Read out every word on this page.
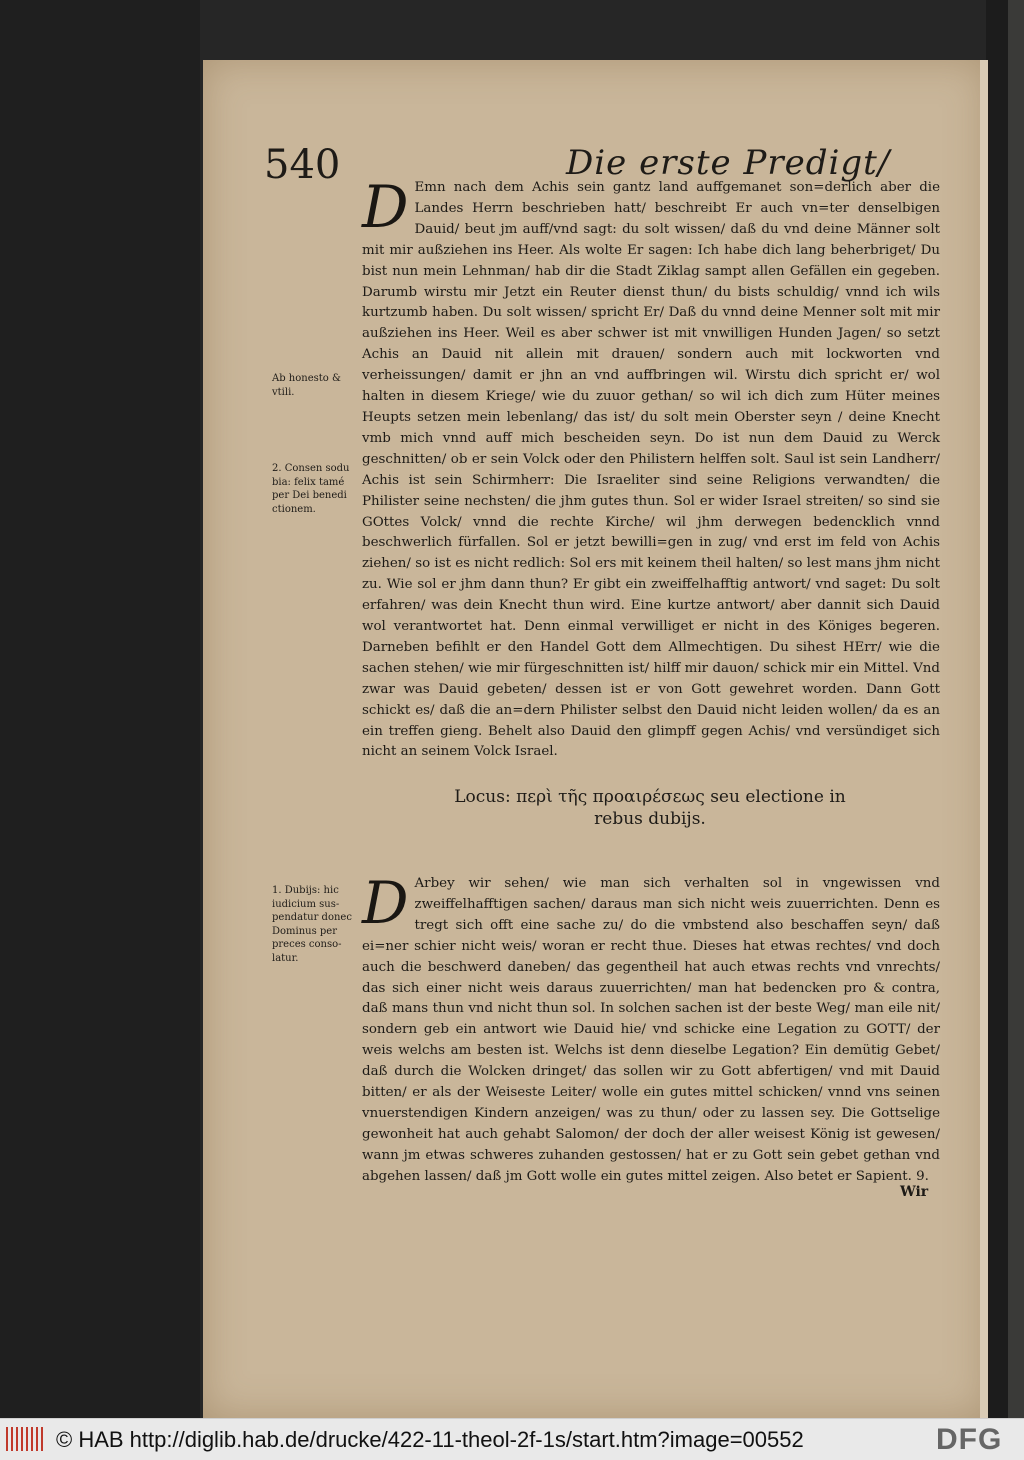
540	Die erste Predigt/
D Emn nach dem Achis sein gantz land auffgemanet son=derlich aber die Landes Herrn beschrieben hatt/ beschreibt Er auch vn=ter denselbigen Dauid/ beut jm auff/vnd sagt: du solt wissen/ daß du vnd deine Männer solt mit mir außziehen ins Heer. Als wolte Er sagen: Ich habe dich lang beherbriget/ Du bist nun mein Lehnman/ hab dir die Stadt Ziklag sampt allen Gefällen ein gegeben. Darumb wirstu mir Jetzt ein Reuter dienst thun/ du bists schuldig/ vnnd ich wils kurtzumb haben. Du solt wissen/ spricht Er/ Daß du vnnd deine Menner solt mit mir außziehen ins Heer. Weil es aber schwer ist mit vnwilligen Hunden Jagen/ so setzt Achis an Dauid nit allein mit drauen/ sondern auch mit lockworten vnd verheissungen/ damit er jhn an vnd auffbringen wil. Wirstu dich spricht er/ wol halten in diesem Kriege/ wie du zuuor gethan/ so wil ich dich zum Hüter meines Heupts setzen mein lebenlang/ das ist/ du solt mein Oberster seyn / deine Knecht vmb mich vnnd auff mich bescheiden seyn. Do ist nun dem Dauid zu Werck geschnitten/ ob er sein Volck oder den Philistern helffen solt. Saul ist sein Landherr/ Achis ist sein Schirmherr: Die Israeliter sind seine Religions verwandten/ die Philister seine nechsten/ die jhm gutes thun. Sol er wider Israel streiten/ so sind sie GOttes Volck/ vnnd die rechte Kirche/ wil jhm derwegen bedencklich vnnd beschwerlich fürfallen. Sol er jetzt bewilli=gen in zug/ vnd erst im feld von Achis ziehen/ so ist es nicht redlich: Sol ers mit keinem theil halten/ so lest mans jhm nicht zu. Wie sol er jhm dann thun? Er gibt ein zweiffelhafftig antwort/ vnd saget: Du solt erfahren/ was dein Knecht thun wird. Eine kurtze antwort/ aber dannit sich Dauid wol verantwortet hat. Denn einmal verwilliget er nicht in des Königes begeren. Darneben befihlt er den Handel Gott dem Allmechtigen. Du sihest HErr/ wie die sachen stehen/ wie mir fürgeschnitten ist/ hilff mir dauon/ schick mir ein Mittel. Vnd zwar was Dauid gebeten/ dessen ist er von Gott gewehret worden. Dann Gott schickt es/ daß die an=dern Philister selbst den Dauid nicht leiden wollen/ da es an ein treffen gieng. Behelt also Dauid den glimpff gegen Achis/ vnd versündiget sich nicht an seinem Volck Israel.

Ab honesto & vtili.

2. Consen sodu bia: felix tamé per Dei benedi ctionem.

Locus: περὶ τῆς προαιρέσεως seu electione in
rebus dubijs.

1. Dubijs: hic iudicium sus-pendatur donec Dominus per preces conso-latur.

D Arbey wir sehen/ wie man sich verhalten sol in vngewissen vnd zweiffelhafftigen sachen/ daraus man sich nicht weis zuuerrichten. Denn es tregt sich offt eine sache zu/ do die vmbstend also beschaffen seyn/ daß ei=ner schier nicht weis/ woran er recht thue. Dieses hat etwas rechtes/ vnd doch auch die beschwerd daneben/ das gegentheil hat auch etwas rechts vnd vnrechts/ das sich einer nicht weis daraus zuuerrichten/ man hat bedencken pro & contra, daß mans thun vnd nicht thun sol. In solchen sachen ist der beste Weg/ man eile nit/ sondern geb ein antwort wie Dauid hie/ vnd schicke eine Legation zu GOTT/ der weis welchs am besten ist. Welchs ist denn dieselbe Legation? Ein demütig Gebet/ daß durch die Wolcken dringet/ das sollen wir zu Gott abfertigen/ vnd mit Dauid bitten/ er als der Weiseste Leiter/ wolle ein gutes mittel schicken/ vnnd vns seinen vnuerstendigen Kindern anzeigen/ was zu thun/ oder zu lassen sey. Die Gottselige gewonheit hat auch gehabt Salomon/ der doch der aller weisest König ist gewesen/ wann jm etwas schweres zuhanden gestossen/ hat er zu Gott sein gebet gethan vnd abgehen lassen/ daß jm Gott wolle ein gutes mittel zeigen. Also betet er Sapient. 9.
Wir
© HAB http://diglib.hab.de/drucke/422-11-theol-2f-1s/start.htm?image=00552	DFG
